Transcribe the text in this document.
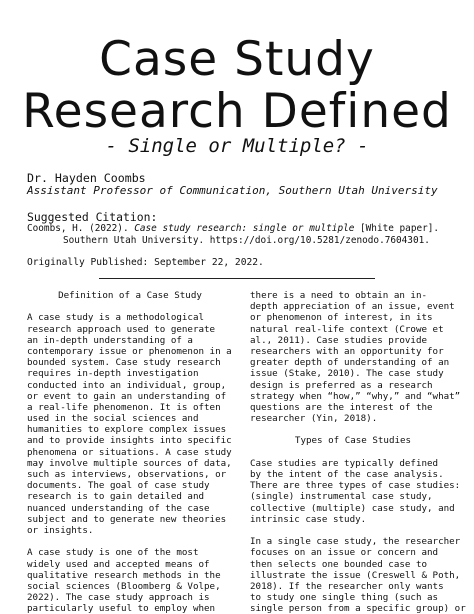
Case Study
Research Defined
- Single or Multiple? -
Dr. Hayden Coombs
Assistant Professor of Communication, Southern Utah University
Suggested Citation:
Coombs, H. (2022). Case study research: single or multiple [White paper].
Southern Utah University. https://doi.org/10.5281/zenodo.7604301.
Originally Published: September 22, 2022.
Definition of a Case Study
A case study is a methodological
research approach used to generate
an in-depth understanding of a
contemporary issue or phenomenon in a
bounded system. Case study research
requires in-depth investigation
conducted into an individual, group,
or event to gain an understanding of
a real-life phenomenon. It is often
used in the social sciences and
humanities to explore complex issues
and to provide insights into specific
phenomena or situations. A case study
may involve multiple sources of data,
such as interviews, observations, or
documents. The goal of case study
research is to gain detailed and
nuanced understanding of the case
subject and to generate new theories
or insights.
A case study is one of the most
widely used and accepted means of
qualitative research methods in the
social sciences (Bloomberg & Volpe,
2022). The case study approach is
particularly useful to employ when
there is a need to obtain an in-
depth appreciation of an issue, event
or phenomenon of interest, in its
natural real-life context (Crowe et
al., 2011). Case studies provide
researchers with an opportunity for
greater depth of understanding of an
issue (Stake, 2010). The case study
design is preferred as a research
strategy when “how,” “why,” and “what”
questions are the interest of the
researcher (Yin, 2018).
Types of Case Studies
Case studies are typically defined
by the intent of the case analysis.
There are three types of case studies:
(single) instrumental case study,
collective (multiple) case study, and
intrinsic case study.
In a single case study, the researcher
focuses on an issue or concern and
then selects one bounded case to
illustrate the issue (Creswell & Poth,
2018). If the researcher only wants
to study one single thing (such as
single person from a specific group) or
